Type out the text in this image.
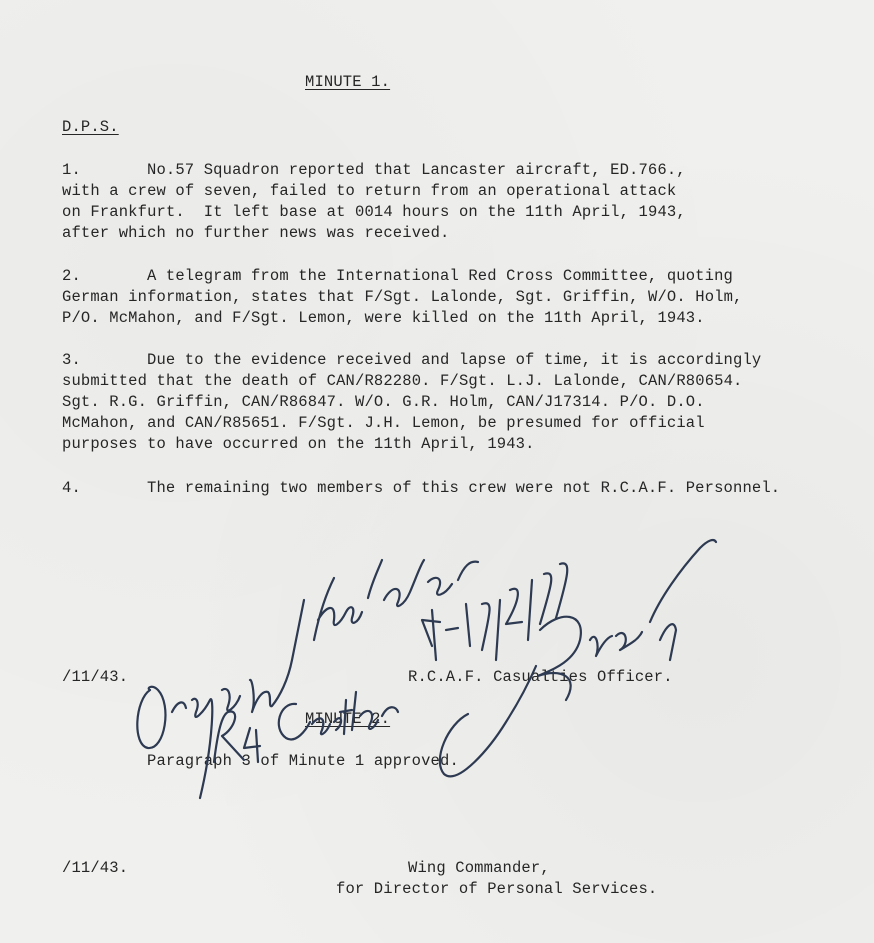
MINUTE 1.
D.P.S.
1.	No.57 Squadron reported that Lancaster aircraft, ED.766.,
with a crew of seven, failed to return from an operational attack
on Frankfurt.  It left base at 0014 hours on the 11th April, 1943,
after which no further news was received.
2.	A telegram from the International Red Cross Committee, quoting
German information, states that F/Sgt. Lalonde, Sgt. Griffin, W/O. Holm,
P/O. McMahon, and F/Sgt. Lemon, were killed on the 11th April, 1943.
3.	Due to the evidence received and lapse of time, it is accordingly
submitted that the death of CAN/R82280. F/Sgt. L.J. Lalonde, CAN/R80654.
Sgt. R.G. Griffin, CAN/R86847. W/O. G.R. Holm, CAN/J17314. P/O. D.O.
McMahon, and CAN/R85651. F/Sgt. J.H. Lemon, be presumed for official
purposes to have occurred on the 11th April, 1943.
4.	The remaining two members of this crew were not R.C.A.F. Personnel.
/11/43.	R.C.A.F. Casualties Officer.
MINUTE 2.
Paragraph 3 of Minute 1 approved.
/11/43.	Wing Commander,
for Director of Personal Services.
